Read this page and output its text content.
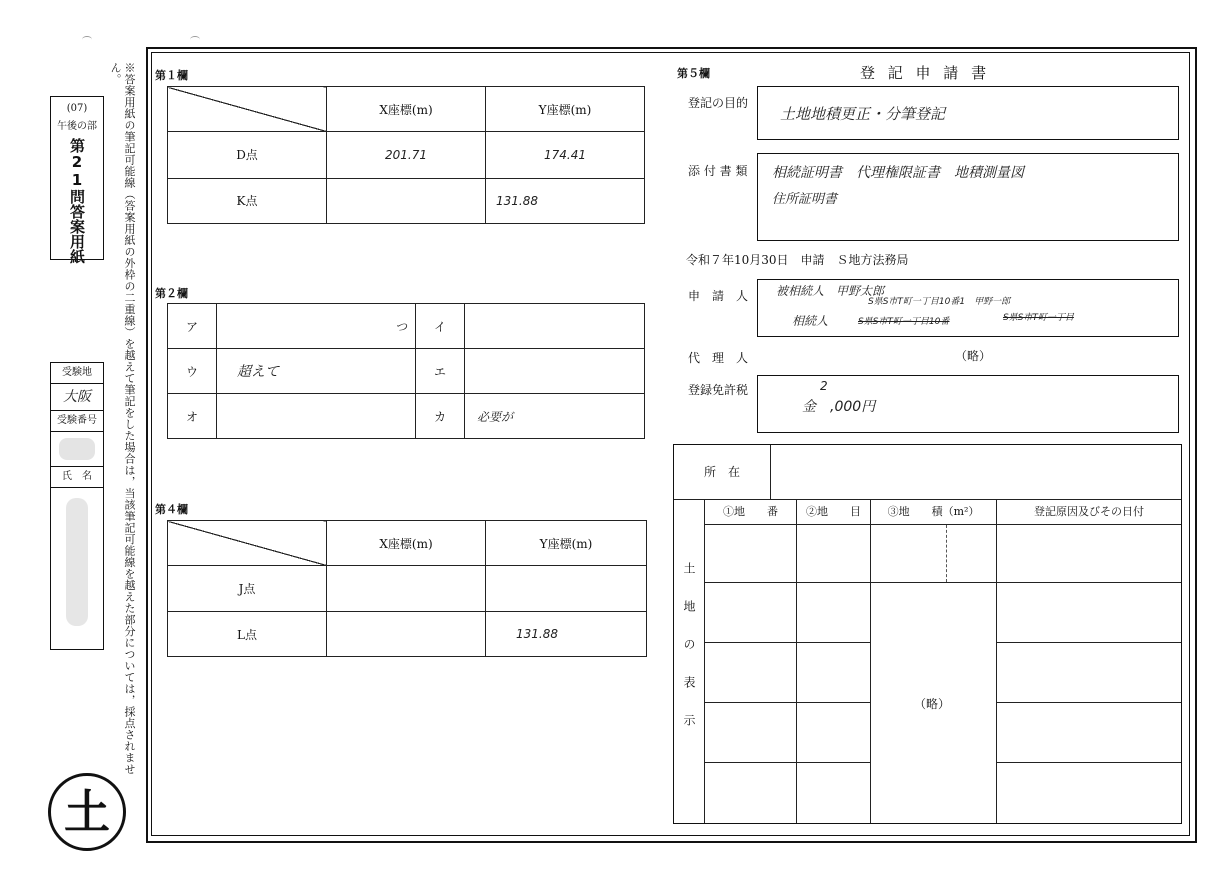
※答案用紙の筆記可能線（答案用紙の外枠の二重線）を越えて筆記をした場合は，当該筆記可能線を越えた部分については，採点されません。
(07)
午後の部
第21問答案用紙
受験地
大阪
受験番号
氏　名
土
第１欄
	X座標(m)	Y座標(m)
D点	201.71	174.41
K点		131.88
第２欄
ア	つ	イ	
ウ	超えて	エ	
オ		カ	必要が
第４欄
	X座標(m)	Y座標(m)
J点		
L点		131.88
第５欄	登 記 申 請 書
登記の目的
土地地積更正・分筆登記
添 付 書 類 相続証明書　代理権限証書　地積測量図
住所証明書
令和７年10月30日　申請　Ｓ地方法務局
申　請　人 被相続人　甲野太郎
S県S市T町一丁目10番1　甲野一郎
相続人	S県S市T町一丁目10番	S県S市T町一丁目
代　理　人	（略）
登録免許税	2
金　,000円
所　在
土地の表示
①地　　番	②地　　目	③地　　積（m²）	登記原因及びその日付
（略）
